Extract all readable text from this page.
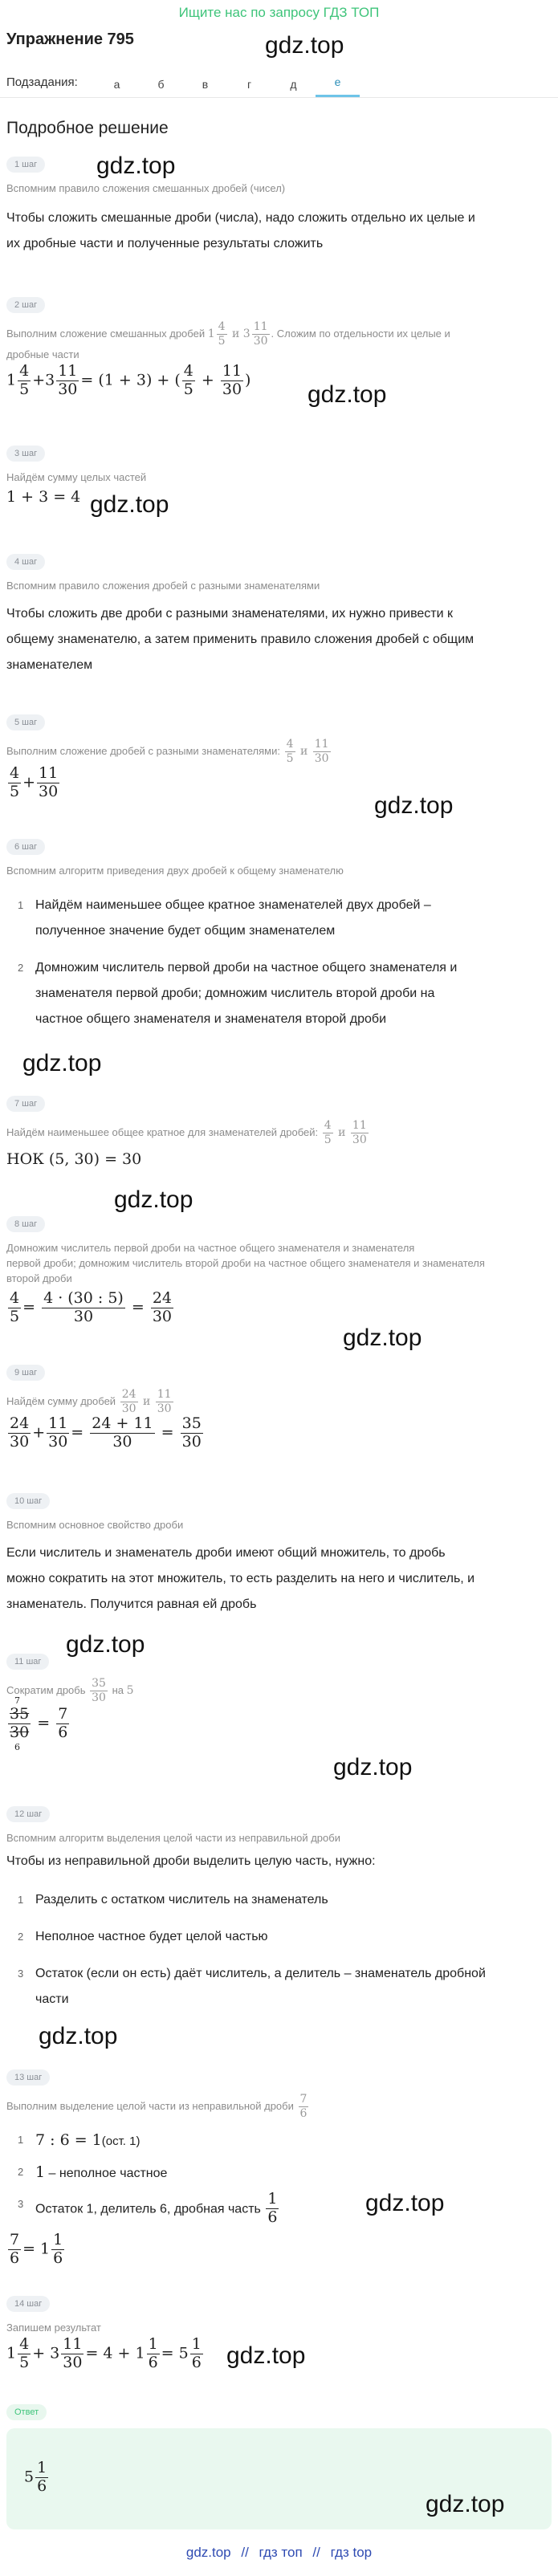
Ищите нас по запросу ГДЗ ТОП
Упражнение 795	gdz.top
Подзадания:	а	б	в	г	д	е
Подробное решение
1 шаг
Вспомним правило сложения смешанных дробей (чисел)
Чтобы сложить смешанные дроби (числа), надо сложить отдельно их целые и
их дробные части и полученные результаты сложить
gdz.top
2 шаг
Выполним сложение смешанных дробей $1 \frac{4}{5}$ и $3 \frac{11}{30}$ . Сложим по отдельности их целые и
дробные части
$1 \frac{4}{5} +3 \frac{11}{30} = (1 + 3)$ + ( $\frac{4}{5} + \frac{11}{30}$ )
gdz.top
3 шаг
Найдём сумму целых частей
1 + 3 = 4 gdz.top
4 шаг
Вспомним правило сложения дробей с разными знаменателями
Чтобы сложить две дроби с разными знаменателями, их нужно привести к
общему знаменателю, а затем применить правило сложения дробей с общим
знаменателем
5 шаг
Выполним сложение дробей с разными знаменателями: $\frac{4}{5}$ и $\frac{11}{30}$
$\frac{4}{5} + \frac{11}{30}$
gdz.top
6 шаг
Вспомним алгоритм приведения двух дробей к общему знаменателю
1 Найдём наименьшее общее кратное знаменателей двух дробей –
полученное значение будет общим знаменателем
2 Домножим числитель первой дроби на частное общего знаменателя и
знаменателя первой дроби; домножим числитель второй дроби на
частное общего знаменателя и знаменателя второй дроби
gdz.top
7 шаг
Найдём наименьшее общее кратное для знаменателей дробей: $\frac{4}{5}$ и $\frac{11}{30}$
НОК (5, 30) = 30
gdz.top
8 шаг
Домножим числитель первой дроби на частное общего знаменателя и знаменателя
первой дроби; домножим числитель второй дроби на частное общего знаменателя и знаменателя
второй дроби
$\frac{4}{5} = \frac{4 \cdot (30 : 5)}{30} = \frac{24}{30}$
gdz.top
9 шаг
Найдём сумму дробей $\frac{24}{30}$ и $\frac{11}{30}$
$\frac{24}{30} + \frac{11}{30} = \frac{24 + 11}{30} = \frac{35}{30}$
10 шаг
Вспомним основное свойство дроби
Если числитель и знаменатель дроби имеют общий множитель, то дробь
можно сократить на этот множитель, то есть разделить на него и числитель, и
знаменатель. Получится равная ей дробь
gdz.top
11 шаг
Сократим дробь $\frac{35}{30}$ на 5
7
$\frac{35}{30}$
6
= $\frac{7}{6}$
gdz.top
12 шаг
Вспомним алгоритм выделения целой части из неправильной дроби
Чтобы из неправильной дроби выделить целую часть, нужно:
1 Разделить с остатком числитель на знаменатель
2 Неполное частное будет целой частью
3 Остаток (если он есть) даёт числитель, а делитель – знаменатель дробной
части
gdz.top
13 шаг
Выполним выделение целой части из неправильной дроби $\frac{7}{6}$
1 7 : 6 = 1(ост. 1)
2 1 – неполное частное
3 Остаток 1, делитель 6, дробная часть $\frac{1}{6}$
$\frac{7}{6} = 1 \frac{1}{6}$
gdz.top
14 шаг
Запишем результат
$1 \frac{4}{5} + 3 \frac{11}{30} = 4 + 1 \frac{1}{6} = 5 \frac{1}{6} gdz.top$
Ответ
$5 \frac{1}{6}$
gdz.top
gdz.top // гдз топ // гдз top
